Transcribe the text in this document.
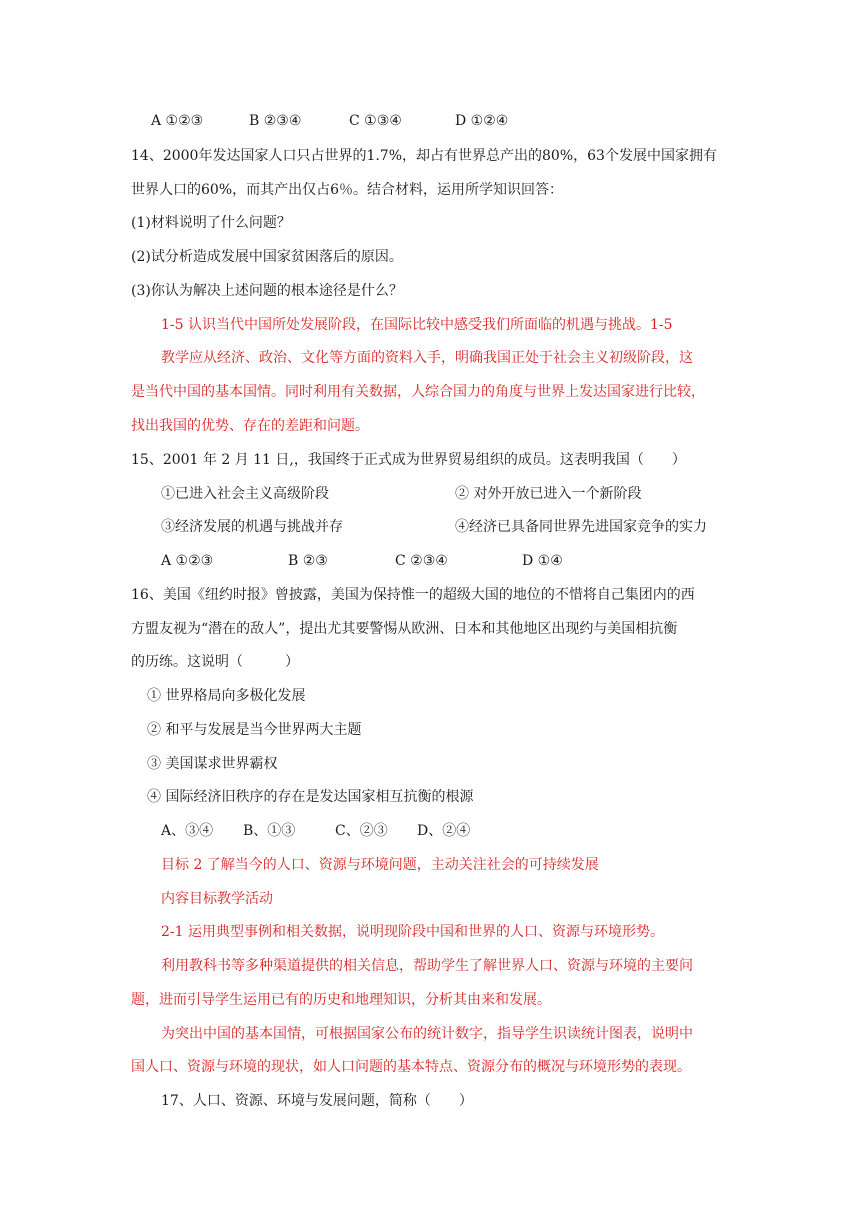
A ①②③	B ②③④	C ①③④	D ①②④
14、2000年发达国家人口只占世界的1.7%，却占有世界总产出的80%，63个发展中国家拥有
世界人口的60%，而其产出仅占6％。结合材料，运用所学知识回答：
(1)材料说明了什么问题？
(2)试分析造成发展中国家贫困落后的原因。
(3)你认为解决上述问题的根本途径是什么？
1-5 认识当代中国所处发展阶段，在国际比较中感受我们所面临的机遇与挑战。1-5
教学应从经济、政治、文化等方面的资料入手，明确我国正处于社会主义初级阶段，这
是当代中国的基本国情。同时利用有关数据，人综合国力的角度与世界上发达国家进行比较，
找出我国的优势、存在的差距和问题。
15、2001 年 2 月 11 日,，我国终于正式成为世界贸易组织的成员。这表明我国（　　）
①已进入社会主义高级阶段	② 对外开放已进入一个新阶段
③经济发展的机遇与挑战并存	④经济已具备同世界先进国家竞争的实力
A ①②③	B ②③	C ②③④	D ①④
16、美国《纽约时报》曾披露，美国为保持惟一的超级大国的地位的不惜将自己集团内的西
方盟友视为“潜在的敌人”，提出尤其要警惕从欧洲、日本和其他地区出现约与美国相抗衡
的历练。这说明（　　　）
① 世界格局向多极化发展
② 和平与发展是当今世界两大主题
③ 美国谋求世界霸权
④ 国际经济旧秩序的存在是发达国家相互抗衡的根源
A、③④ B、①③	C、②③ D、②④
目标 2 了解当今的人口、资源与环境问题，主动关注社会的可持续发展
内容目标教学活动
2-1 运用典型事例和相关数据，说明现阶段中国和世界的人口、资源与环境形势。
利用教科书等多种渠道提供的相关信息，帮助学生了解世界人口、资源与环境的主要问
题，进而引导学生运用已有的历史和地理知识，分析其由来和发展。
为突出中国的基本国情，可根据国家公布的统计数字，指导学生识读统计图表，说明中
国人口、资源与环境的现状，如人口问题的基本特点、资源分布的概况与环境形势的表现。
17、人口、资源、环境与发展问题，简称（　　）
